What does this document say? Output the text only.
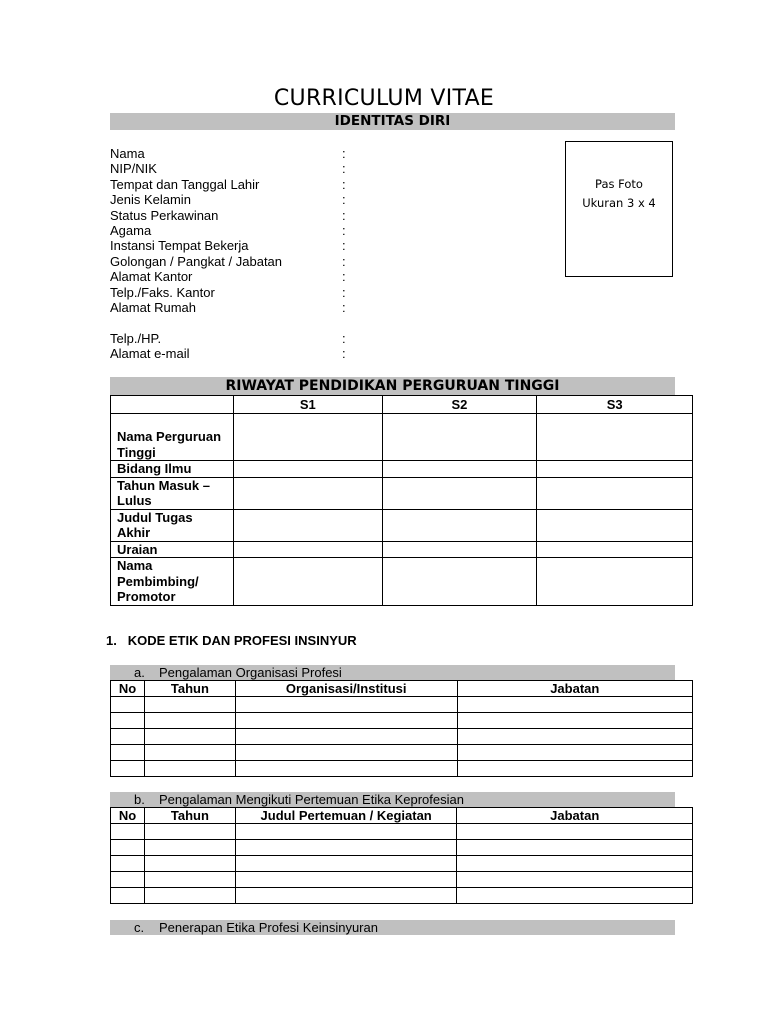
CURRICULUM VITAE
IDENTITAS DIRI
Nama	:
NIP/NIK	:
Tempat dan Tanggal Lahir	:
Jenis Kelamin	:
Status Perkawinan	:
Agama	:
Instansi Tempat Bekerja	:
Golongan / Pangkat / Jabatan	:
Alamat Kantor	:
Telp./Faks. Kantor	:
Alamat Rumah	:
Telp./HP.	:
Alamat e-mail	:
Pas Foto
Ukuran 3 x 4
RIWAYAT PENDIDIKAN PERGURUAN TINGGI
	S1	S2	S3
Nama Perguruan Tinggi			
Bidang Ilmu			
Tahun Masuk – Lulus			
Judul Tugas Akhir			
Uraian			
Nama Pembimbing/ Promotor			
1. KODE ETIK DAN PROFESI INSINYUR
a. Pengalaman Organisasi Profesi
No	Tahun	Organisasi/Institusi	Jabatan

b. Pengalaman Mengikuti Pertemuan Etika Keprofesian
No	Tahun	Judul Pertemuan / Kegiatan	Jabatan

c. Penerapan Etika Profesi Keinsinyuran
